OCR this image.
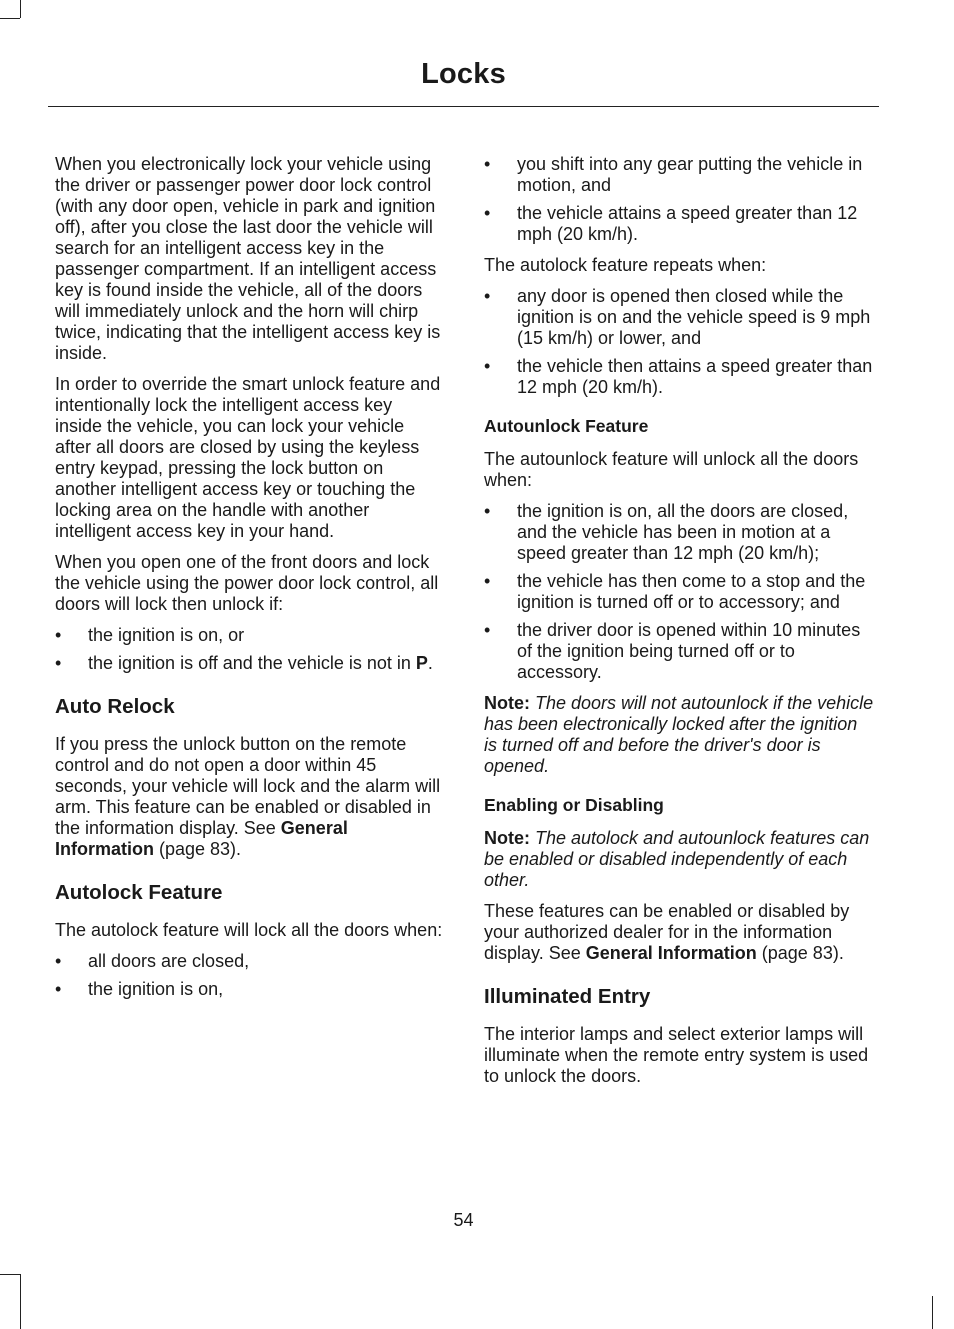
Locks

When you electronically lock your vehicle using the driver or passenger power door lock control (with any door open, vehicle in park and ignition off), after you close the last door the vehicle will search for an intelligent access key in the passenger compartment. If an intelligent access key is found inside the vehicle, all of the doors will immediately unlock and the horn will chirp twice, indicating that the intelligent access key is inside.

In order to override the smart unlock feature and intentionally lock the intelligent access key inside the vehicle, you can lock your vehicle after all doors are closed by using the keyless entry keypad, pressing the lock button on another intelligent access key or touching the locking area on the handle with another intelligent access key in your hand.

When you open one of the front doors and lock the vehicle using the power door lock control, all doors will lock then unlock if:

• the ignition is on, or
• the ignition is off and the vehicle is not in P.
Auto Relock

If you press the unlock button on the remote control and do not open a door within 45 seconds, your vehicle will lock and the alarm will arm. This feature can be enabled or disabled in the information display. See General Information (page 83).

Autolock Feature

The autolock feature will lock all the doors when:

• all doors are closed,
• the ignition is on,
• you shift into any gear putting the vehicle in motion, and
• the vehicle attains a speed greater than 12 mph (20 km/h).

The autolock feature repeats when:

• any door is opened then closed while the ignition is on and the vehicle speed is 9 mph (15 km/h) or lower, and
• the vehicle then attains a speed greater than 12 mph (20 km/h).
Autounlock Feature

The autounlock feature will unlock all the doors when:

• the ignition is on, all the doors are closed, and the vehicle has been in motion at a speed greater than 12 mph (20 km/h);
• the vehicle has then come to a stop and the ignition is turned off or to accessory; and
• the driver door is opened within 10 minutes of the ignition being turned off or to accessory.

Note: The doors will not autounlock if the vehicle has been electronically locked after the ignition is turned off and before the driver's door is opened.

Enabling or Disabling

Note: The autolock and autounlock features can be enabled or disabled independently of each other.

These features can be enabled or disabled by your authorized dealer for in the information display. See General Information (page 83).

Illuminated Entry

The interior lamps and select exterior lamps will illuminate when the remote entry system is used to unlock the doors.

54
